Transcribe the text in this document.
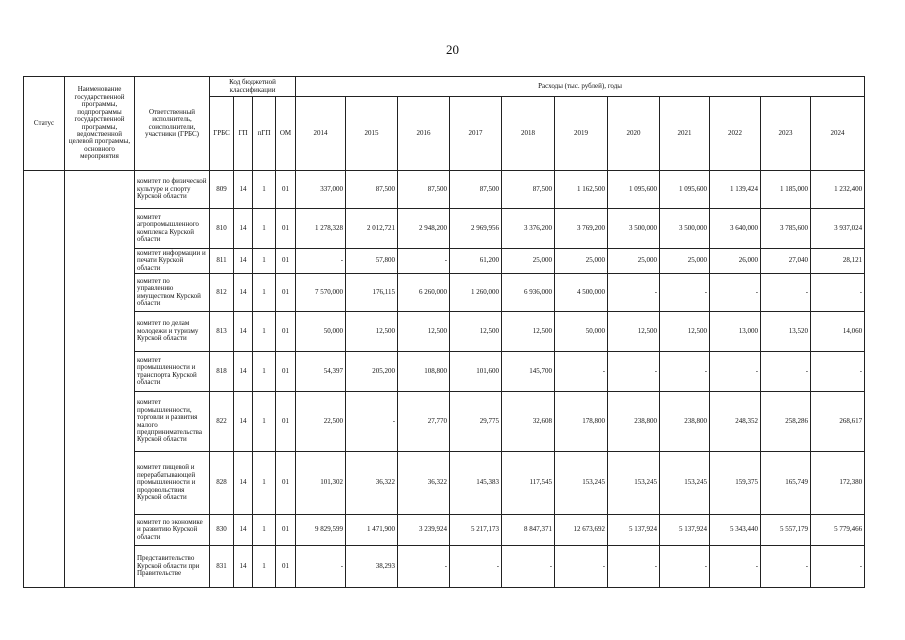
20
Статус	Наименование государственной программы, подпрограммы государственной программы, ведомственной целевой программы, основного мероприятия	Ответственный исполнитель, соисполнители, участники (ГРБС)	Код бюджетной классификации				Расходы (тыс. рублей), годы										
			ГРБС	ГП	пГП	ОМ	2014	2015	2016	2017	2018	2019	2020	2021	2022	2023	2024
		комитет по физической культуре и спорту Курской области	809	14	1	01	337,000	87,500	87,500	87,500	87,500	1 162,500	1 095,600	1 095,600	1 139,424	1 185,000	1 232,400
		комитет агропромышленного комплекса Курской области	810	14	1	01	1 278,328	2 012,721	2 948,200	2 969,956	3 376,200	3 769,200	3 500,000	3 500,000	3 640,000	3 785,600	3 937,024
		комитет информации и печати Курской области	811	14	1	01	-	57,800	-	61,200	25,000	25,000	25,000	25,000	26,000	27,040	28,121
		комитет по управлению имуществом Курской области	812	14	1	01	7 570,000	176,115	6 260,000	1 260,000	6 936,000	4 500,000	-	-	-	-	-
		комитет по делам молодежи и туризму Курской области	813	14	1	01	50,000	12,500	12,500	12,500	12,500	50,000	12,500	12,500	13,000	13,520	14,060
		комитет промышленности и транспорта Курской области	818	14	1	01	54,397	205,200	108,800	101,600	145,700	-	-	-	-	-	-
		комитет промышленности, торговли и развития малого предпринимательства Курской области	822	14	1	01	22,500	-	27,770	29,775	32,608	178,800	238,800	238,800	248,352	258,286	268,617
		комитет пищевой и перерабатывающей промышленности и продовольствия Курской области	828	14	1	01	101,302	36,322	36,322	145,383	117,545	153,245	153,245	153,245	159,375	165,749	172,380
		комитет по экономике и развитию Курской области	830	14	1	01	9 829,599	1 471,900	3 239,924	5 217,173	8 847,371	12 673,692	5 137,924	5 137,924	5 343,440	5 557,179	5 779,466
		Представительство Курской области при Правительстве	831	14	1	01	-	38,293	-	-	-	-	-	-	-	-	-
